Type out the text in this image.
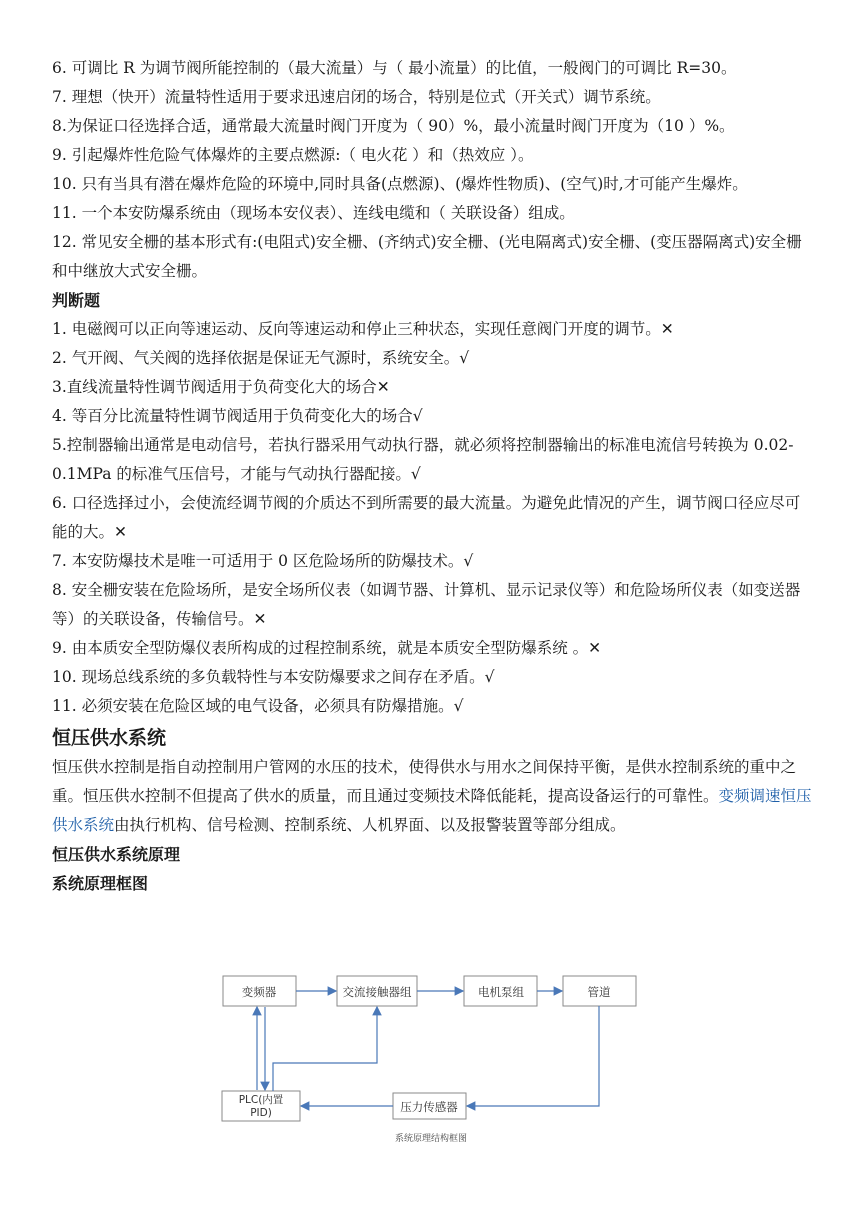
6. 可调比 R 为调节阀所能控制的（最大流量）与（ 最小流量）的比值，一般阀门的可调比 R=30。

7. 理想（快开）流量特性适用于要求迅速启闭的场合，特别是位式（开关式）调节系统。

8.为保证口径选择合适，通常最大流量时阀门开度为（ 90）%，最小流量时阀门开度为（10 ）%。

9. 引起爆炸性危险气体爆炸的主要点燃源:（ 电火花 ）和（热效应 ）。

10. 只有当具有潜在爆炸危险的环境中,同时具备(点燃源)、(爆炸性物质)、(空气)时,才可能产生爆炸。

11. 一个本安防爆系统由（现场本安仪表）、连线电缆和（ 关联设备）组成。

12. 常见安全栅的基本形式有:(电阻式)安全栅、(齐纳式)安全栅、(光电隔离式)安全栅、(变压器隔离式)安全栅和中继放大式安全栅。

判断题

1. 电磁阀可以正向等速运动、反向等速运动和停止三种状态，实现任意阀门开度的调节。✕

2. 气开阀、气关阀的选择依据是保证无气源时，系统安全。√

3.直线流量特性调节阀适用于负荷变化大的场合✕

4. 等百分比流量特性调节阀适用于负荷变化大的场合√

5.控制器输出通常是电动信号，若执行器采用气动执行器，就必须将控制器输出的标准电流信号转换为 0.02-0.1MPa 的标准气压信号，才能与气动执行器配接。√

6. 口径选择过小，会使流经调节阀的介质达不到所需要的最大流量。为避免此情况的产生，调节阀口径应尽可能的大。✕

7. 本安防爆技术是唯一可适用于 0 区危险场所的防爆技术。√

8. 安全栅安装在危险场所，是安全场所仪表（如调节器、计算机、显示记录仪等）和危险场所仪表（如变送器等）的关联设备，传输信号。✕

9. 由本质安全型防爆仪表所构成的过程控制系统，就是本质安全型防爆系统 。✕

10. 现场总线系统的多负载特性与本安防爆要求之间存在矛盾。√

11. 必须安装在危险区域的电气设备，必须具有防爆措施。√

恒压供水系统

恒压供水控制是指自动控制用户管网的水压的技术，使得供水与用水之间保持平衡，是供水控制系统的重中之重。恒压供水控制不但提高了供水的质量，而且通过变频技术降低能耗，提高设备运行的可靠性。变频调速恒压供水系统由执行机构、信号检测、控制系统、人机界面、以及报警装置等部分组成。

恒压供水系统原理

系统原理框图

变频器	交流接触器组	电机泵组	管道
PLC(内置
PID)	压力传感器
系统原理结构框图
